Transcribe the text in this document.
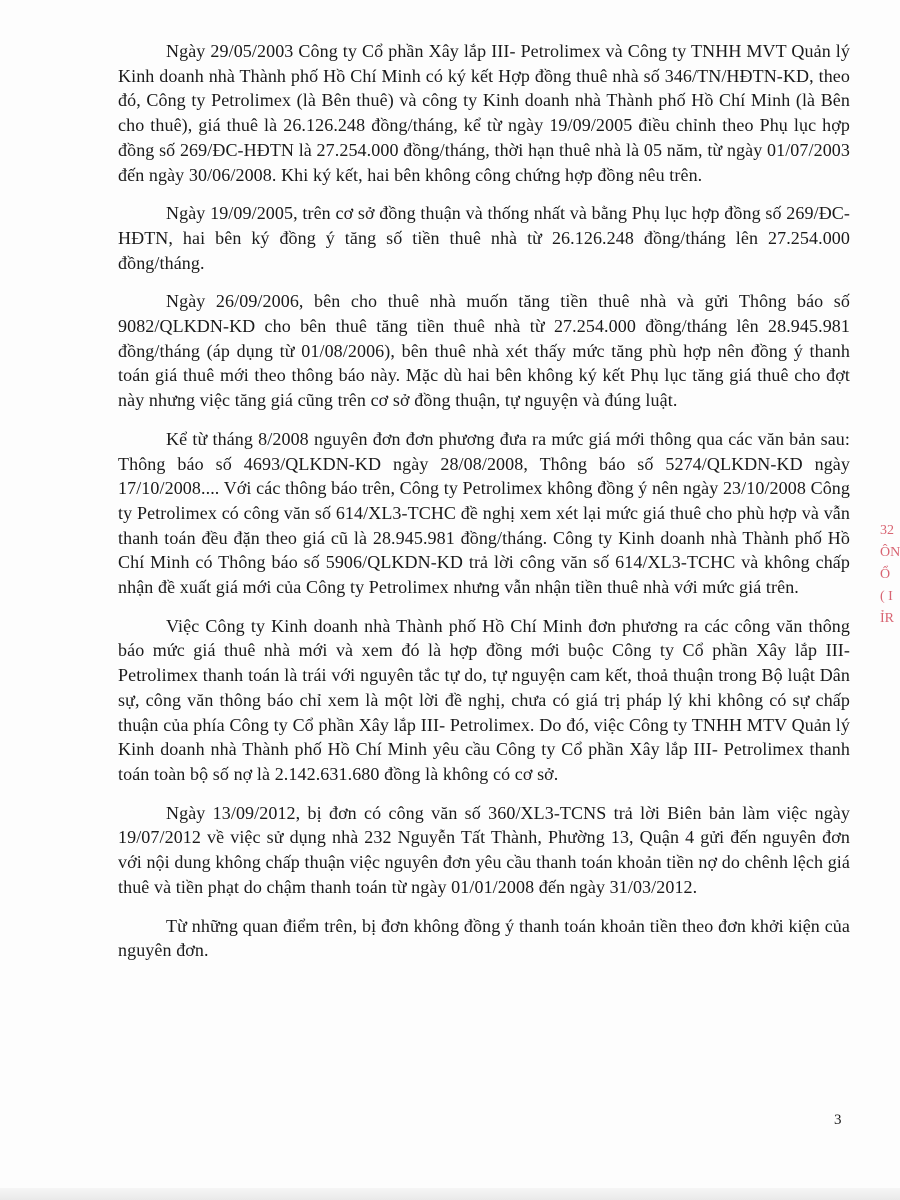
Ngày 29/05/2003 Công ty Cổ phần Xây lắp III- Petrolimex và Công ty TNHH MVT Quản lý Kinh doanh nhà Thành phố Hồ Chí Minh có ký kết Hợp đồng thuê nhà số 346/TN/HĐTN-KD, theo đó, Công ty Petrolimex (là Bên thuê) và công ty Kinh doanh nhà Thành phố Hồ Chí Minh (là Bên cho thuê), giá thuê là 26.126.248 đồng/tháng, kể từ ngày 19/09/2005 điều chỉnh theo Phụ lục hợp đồng số 269/ĐC-HĐTN là 27.254.000 đồng/tháng, thời hạn thuê nhà là 05 năm, từ ngày 01/07/2003 đến ngày 30/06/2008. Khi ký kết, hai bên không công chứng hợp đồng nêu trên.

Ngày 19/09/2005, trên cơ sở đồng thuận và thống nhất và bằng Phụ lục hợp đồng số 269/ĐC-HĐTN, hai bên ký đồng ý tăng số tiền thuê nhà từ 26.126.248 đồng/tháng lên 27.254.000 đồng/tháng.

Ngày 26/09/2006, bên cho thuê nhà muốn tăng tiền thuê nhà và gửi Thông báo số 9082/QLKDN-KD cho bên thuê tăng tiền thuê nhà từ 27.254.000 đồng/tháng lên 28.945.981 đồng/tháng (áp dụng từ 01/08/2006), bên thuê nhà xét thấy mức tăng phù hợp nên đồng ý thanh toán giá thuê mới theo thông báo này. Mặc dù hai bên không ký kết Phụ lục tăng giá thuê cho đợt này nhưng việc tăng giá cũng trên cơ sở đồng thuận, tự nguyện và đúng luật.

Kể từ tháng 8/2008 nguyên đơn đơn phương đưa ra mức giá mới thông qua các văn bản sau: Thông báo số 4693/QLKDN-KD ngày 28/08/2008, Thông báo số 5274/QLKDN-KD ngày 17/10/2008.... Với các thông báo trên, Công ty Petrolimex không đồng ý nên ngày 23/10/2008 Công ty Petrolimex có công văn số 614/XL3-TCHC đề nghị xem xét lại mức giá thuê cho phù hợp và vẫn thanh toán đều đặn theo giá cũ là 28.945.981 đồng/tháng. Công ty Kinh doanh nhà Thành phố Hồ Chí Minh có Thông báo số 5906/QLKDN-KD trả lời công văn số 614/XL3-TCHC và không chấp nhận đề xuất giá mới của Công ty Petrolimex nhưng vẫn nhận tiền thuê nhà với mức giá trên.

Việc Công ty Kinh doanh nhà Thành phố Hồ Chí Minh đơn phương ra các công văn thông báo mức giá thuê nhà mới và xem đó là hợp đồng mới buộc Công ty Cổ phần Xây lắp III- Petrolimex thanh toán là trái với nguyên tắc tự do, tự nguyện cam kết, thoả thuận trong Bộ luật Dân sự, công văn thông báo chỉ xem là một lời đề nghị, chưa có giá trị pháp lý khi không có sự chấp thuận của phía Công ty Cổ phần Xây lắp III- Petrolimex. Do đó, việc Công ty TNHH MTV Quản lý Kinh doanh nhà Thành phố Hồ Chí Minh yêu cầu Công ty Cổ phần Xây lắp III- Petrolimex thanh toán toàn bộ số nợ là 2.142.631.680 đồng là không có cơ sở.

Ngày 13/09/2012, bị đơn có công văn số 360/XL3-TCNS trả lời Biên bản làm việc ngày 19/07/2012 về việc sử dụng nhà 232 Nguyễn Tất Thành, Phường 13, Quận 4 gửi đến nguyên đơn với nội dung không chấp thuận việc nguyên đơn yêu cầu thanh toán khoản tiền nợ do chênh lệch giá thuê và tiền phạt do chậm thanh toán từ ngày 01/01/2008 đến ngày 31/03/2012.

Từ những quan điểm trên, bị đơn không đồng ý thanh toán khoản tiền theo đơn khởi kiện của nguyên đơn.

32
ÔN
Ổ
( I
ỈR
3
